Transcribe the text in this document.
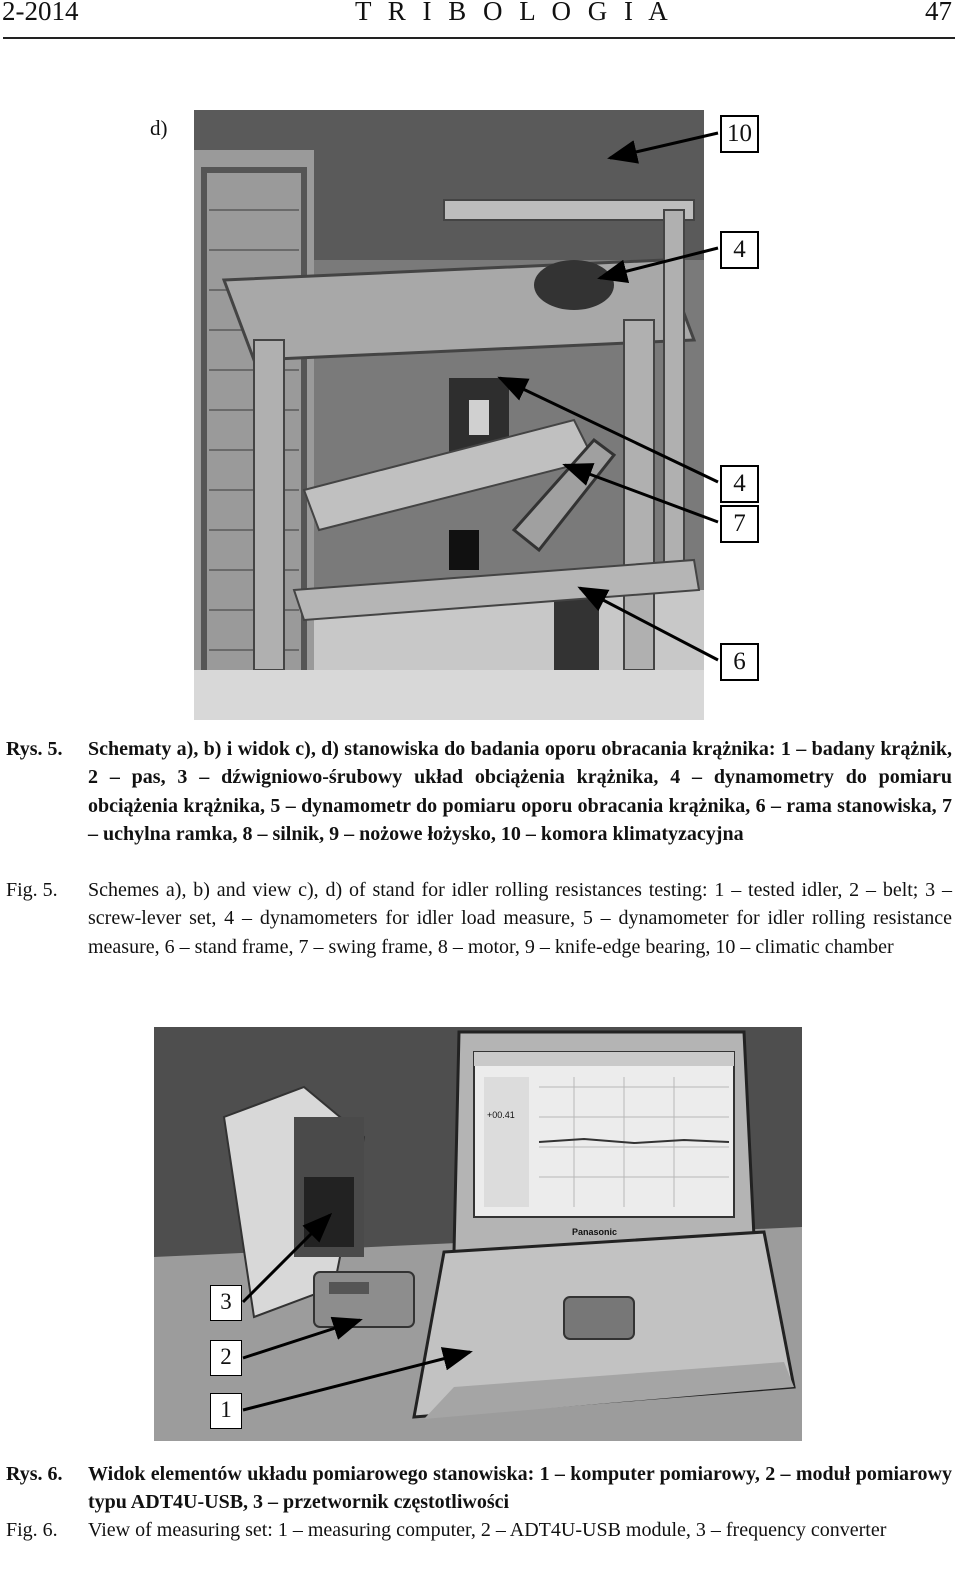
2-2014	T R I B O L O G I A	47
d)	10
4
4
7
6
Rys. 5. Schematy a), b) i widok c), d) stanowiska do badania oporu obracania krążnika: 1 – badany krążnik, 2 – pas, 3 – dźwigniowo-śrubowy układ obciążenia krążnika, 4 – dynamometry do pomiaru obciążenia krążnika, 5 – dynamometr do pomiaru oporu obracania krążnika, 6 – rama stanowiska, 7 – uchylna ramka, 8 – silnik, 9 – nożowe łożysko, 10 – komora klimatyzacyjna
Fig. 5. Schemes a), b) and view c), d) of stand for idler rolling resistances testing: 1 – tested idler, 2 – belt; 3 – screw-lever set, 4 – dynamometers for idler load measure, 5 – dynamometer for idler rolling resistance measure, 6 – stand frame, 7 – swing frame, 8 – motor, 9 – knife-edge bearing, 10 – climatic chamber
+00.41
Panasonic
3
2
1
Rys. 6. Widok elementów układu pomiarowego stanowiska: 1 – komputer pomiarowy, 2 – moduł pomiarowy typu ADT4U-USB, 3 – przetwornik częstotliwości
Fig. 6. View of measuring set: 1 – measuring computer, 2 – ADT4U-USB module, 3 – frequency converter
